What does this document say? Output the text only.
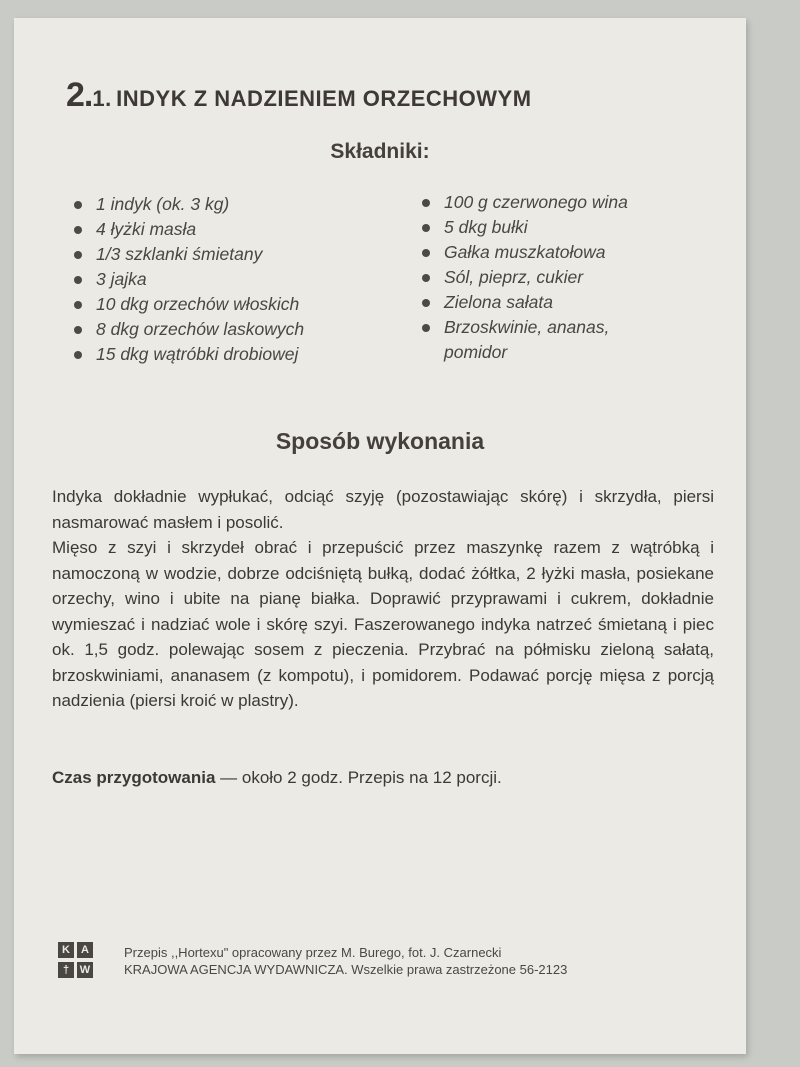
2.1. INDYK Z NADZIENIEM ORZECHOWYM
Składniki:
1 indyk (ok. 3 kg)
4 łyżki masła
1/3 szklanki śmietany
3 jajka
10 dkg orzechów włoskich
8 dkg orzechów laskowych
15 dkg wątróbki drobiowej
100 g czerwonego wina
5 dkg bułki
Gałka muszkatołowa
Sól, pieprz, cukier
Zielona sałata
Brzoskwinie, ananas,
pomidor
Sposób wykonania

Indyka dokładnie wypłukać, odciąć szyję (pozostawiając skórę) i skrzydła, piersi nasmarować masłem i posolić.

Mięso z szyi i skrzydeł obrać i przepuścić przez maszynkę razem z wątróbką i namoczoną w wodzie, dobrze odciśniętą bułką, dodać żółtka, 2 łyżki masła, posiekane orzechy, wino i ubite na pianę białka. Doprawić przyprawami i cukrem, dokładnie wymieszać i nadziać wole i skórę szyi. Faszerowanego indyka natrzeć śmietaną i piec ok. 1,5 godz. polewając sosem z pieczenia. Przybrać na półmisku zieloną sałatą, brzoskwiniami, ananasem (z kompotu), i pomidorem. Podawać porcję mięsa z porcją nadzienia (piersi kroić w plastry).

Czas przygotowania — około 2 godz. Przepis na 12 porcji.
K	A
† W
Przepis ,,Hortexu" opracowany przez M. Burego, fot. J. Czarnecki
KRAJOWA AGENCJA WYDAWNICZA. Wszelkie prawa zastrzeżone 56-2123
